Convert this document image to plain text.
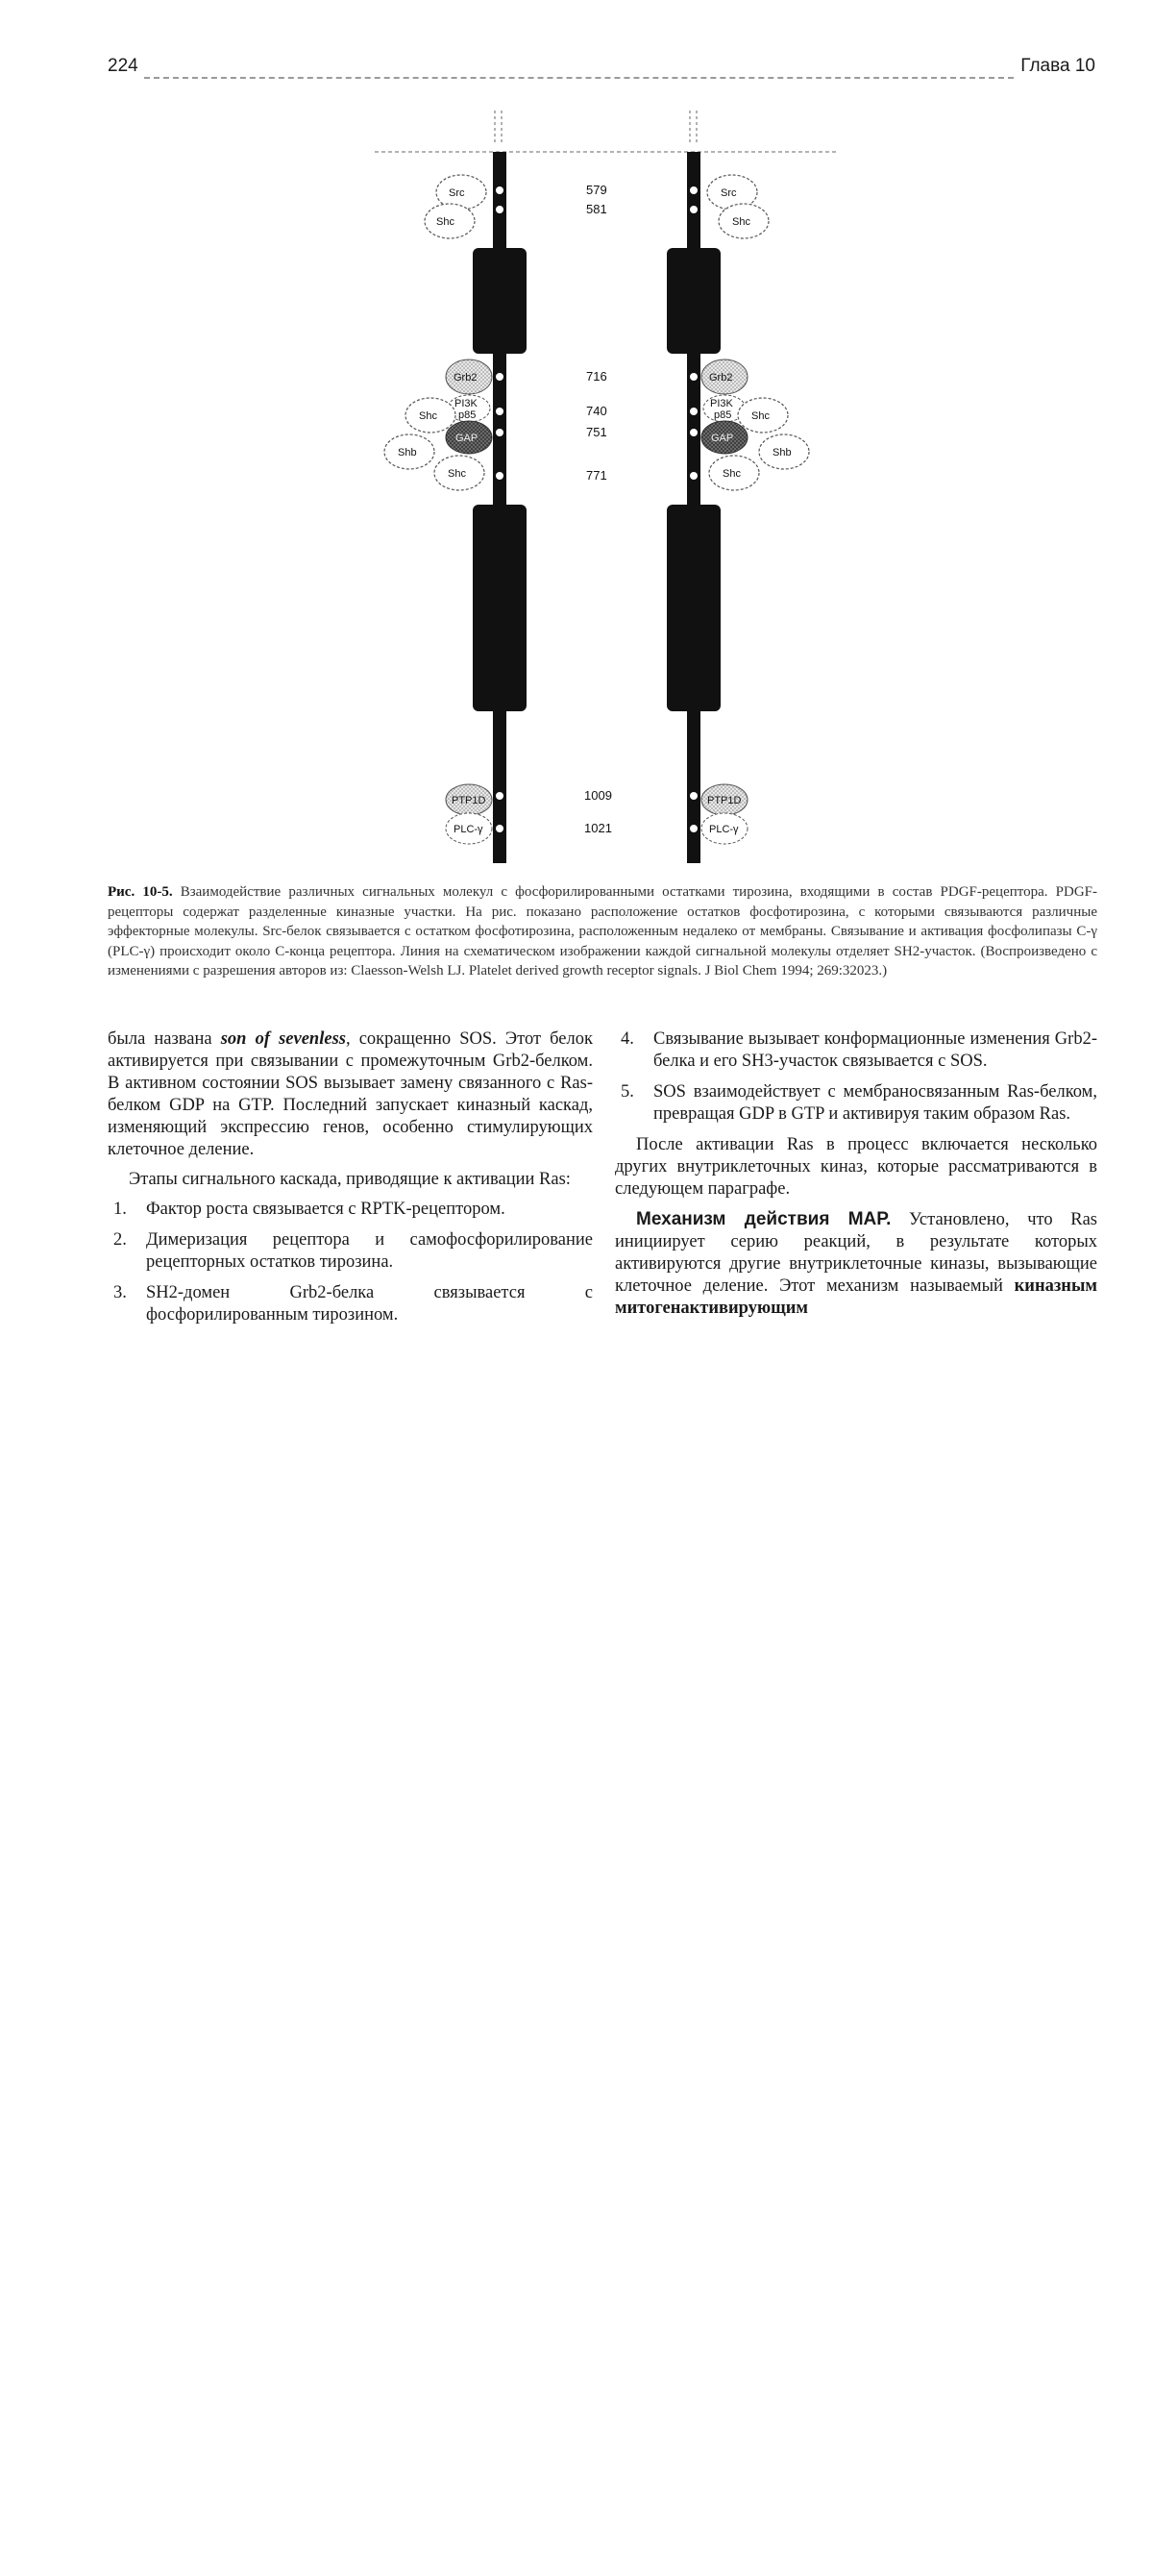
224	Глава 10
Src
Shc
Grb2
PI3K
p85
Shc
GAP
Shb
Shc
PTP1D
PLC-γ
579
581
716
740
751
771
1009
1021
Src
Shc
Grb2
PI3K
p85 Shc
GAP
Shb
Shc
PTP1D
PLC-γ
Рис. 10-5. Взаимодействие различных сигнальных молекул с фосфорилированными остатками тирозина, входящими в состав PDGF-рецептора. PDGF-рецепторы содержат разделенные киназные участки. На рис. показано расположение остатков фосфотирозина, с которыми связываются различные эффекторные молекулы. Src-белок связывается с остатком фосфотирозина, расположенным недалеко от мембраны. Связывание и активация фосфолипазы С-γ (PLC-γ) происходит около С-конца рецептора. Линия на схематическом изображении каждой сигнальной молекулы отделяет SH2-участок. (Воспроизведено с изменениями с разрешения авторов из: Claesson-Welsh LJ. Platelet derived growth receptor signals. J Biol Chem 1994; 269:32023.)

была названа son of sevenless, сокращенно SOS. Этот белок активируется при связывании с промежуточным Grb2-белком. В активном состоянии SOS вызывает замену связанного с Ras-белком GDP на GTP. Последний запускает киназный каскад, изменяющий экспрессию генов, особенно стимулирующих клеточное деление.

Этапы сигнального каскада, приводящие к активации Ras:

1. Фактор роста связывается с RPTK-рецептором.
2. Димеризация рецептора и самофосфорилирование рецепторных остатков тирозина.
3. SH2-домен Grb2-белка связывается с фосфорилированным тирозином.
4. Связывание вызывает конформационные изменения Grb2-белка и его SH3-участок связывается с SOS.
5. SOS взаимодействует с мембраносвязанным Ras-белком, превращая GDP в GTP и активируя таким образом Ras.

После активации Ras в процесс включается несколько других внутриклеточных киназ, которые рассматриваются в следующем параграфе.

Механизм действия МАР. Установлено, что Ras инициирует серию реакций, в результате которых активируются другие внутриклеточные киназы, вызывающие клеточное деление. Этот механизм называемый киназным митогенактивирующим
